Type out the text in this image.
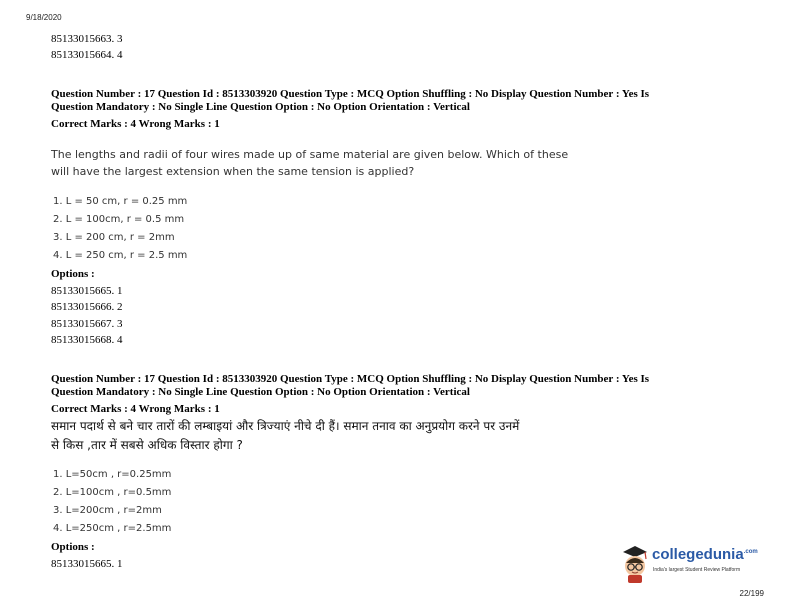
9/18/2020
85133015663. 3
85133015664. 4
Question Number : 17 Question Id : 8513303920 Question Type : MCQ Option Shuffling : No Display Question Number : Yes Is
Question Mandatory : No Single Line Question Option : No Option Orientation : Vertical
Correct Marks : 4 Wrong Marks : 1
The lengths and radii of four wires made up of same material are given below. Which of these
will have the largest extension when the same tension is applied?
1. L = 50 cm, r = 0.25 mm
2. L = 100cm, r = 0.5 mm
3. L = 200 cm, r = 2mm
4. L = 250 cm, r = 2.5 mm
Options :
85133015665. 1
85133015666. 2
85133015667. 3
85133015668. 4
Question Number : 17 Question Id : 8513303920 Question Type : MCQ Option Shuffling : No Display Question Number : Yes Is
Question Mandatory : No Single Line Question Option : No Option Orientation : Vertical
Correct Marks : 4 Wrong Marks : 1
समान पदार्थ से बने चार तारों की लम्बाइयां और त्रिज्याएं नीचे दी हैं। समान तनाव का अनुप्रयोग करने पर उनमें
से किस ,तार में सबसे अधिक विस्तार होगा ?
1. L=50cm , r=0.25mm
2. L=100cm , r=0.5mm
3. L=200cm , r=2mm
4. L=250cm , r=2.5mm
Options :
85133015665. 1
collegedunia$^{.com}$
India's largest Student Review Platform
22/199
